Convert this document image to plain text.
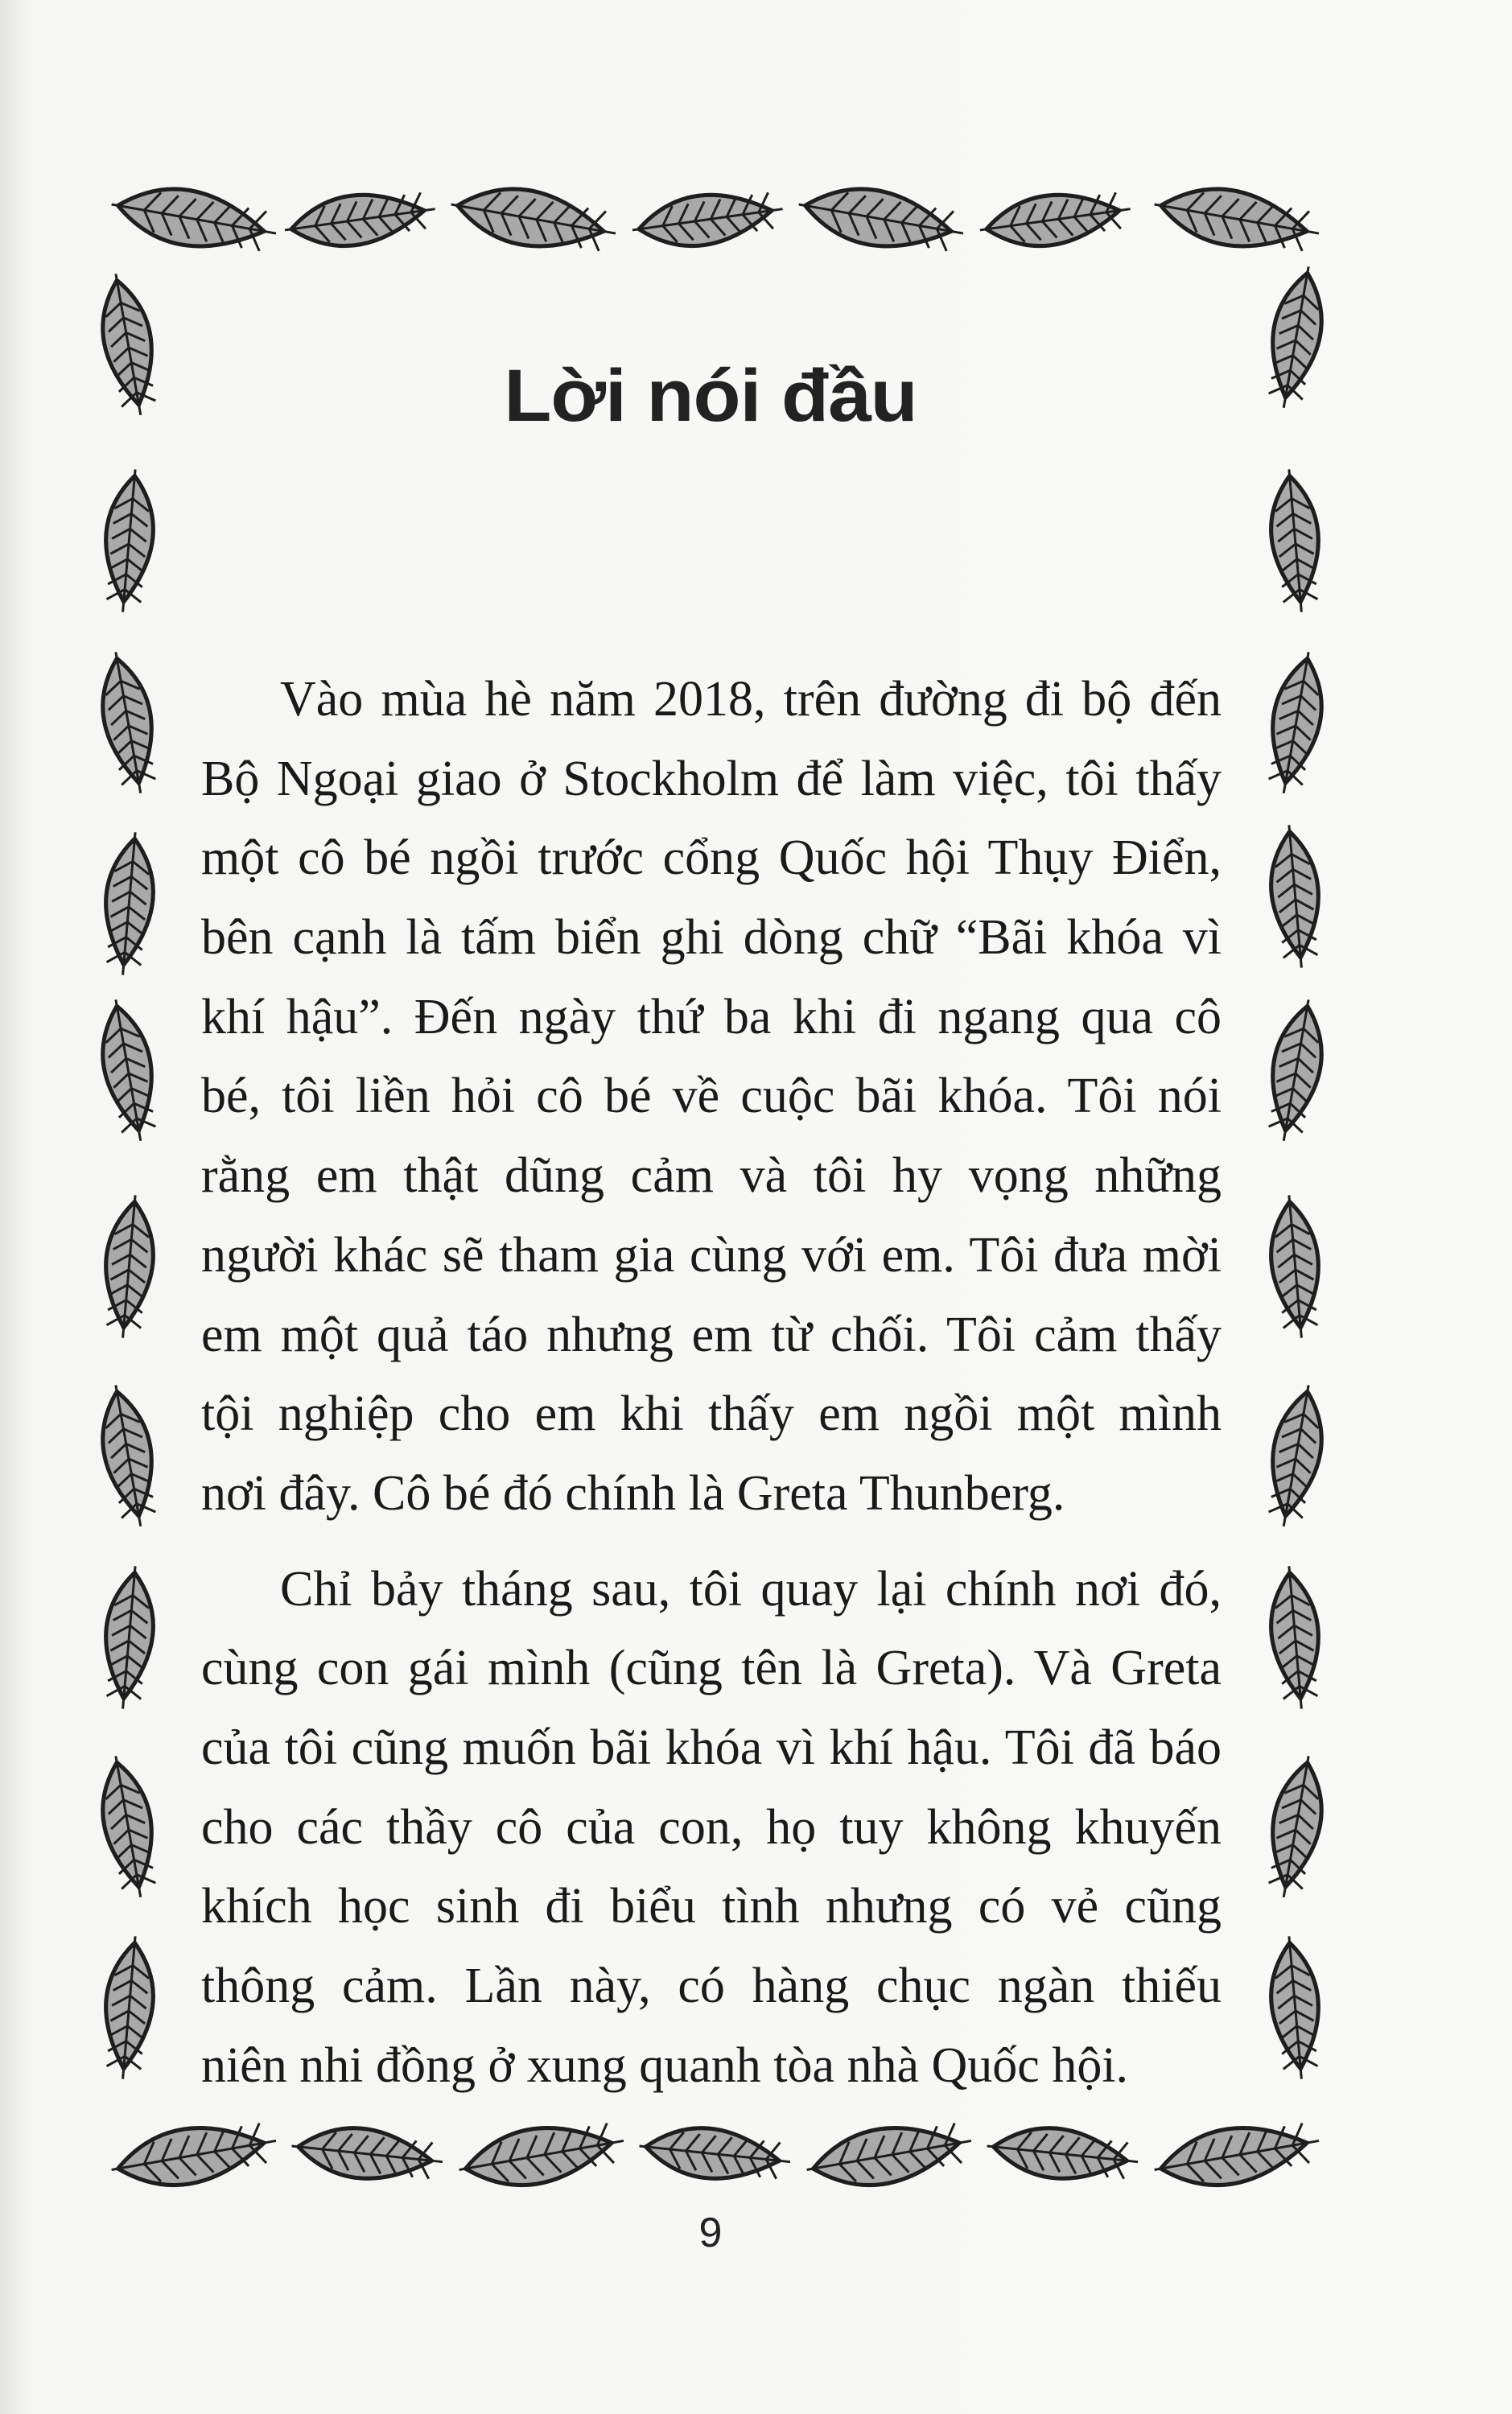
Lời nói đầu
Vào mùa hè năm 2018, trên đường đi bộ đến
Bộ Ngoại giao ở Stockholm để làm việc, tôi thấy
một cô bé ngồi trước cổng Quốc hội Thụy Điển,
bên cạnh là tấm biển ghi dòng chữ “Bãi khóa vì
khí hậu”. Đến ngày thứ ba khi đi ngang qua cô
bé, tôi liền hỏi cô bé về cuộc bãi khóa. Tôi nói
rằng em thật dũng cảm và tôi hy vọng những
người khác sẽ tham gia cùng với em. Tôi đưa mời
em một quả táo nhưng em từ chối. Tôi cảm thấy
tội nghiệp cho em khi thấy em ngồi một mình
nơi đây. Cô bé đó chính là Greta Thunberg.
Chỉ bảy tháng sau, tôi quay lại chính nơi đó,
cùng con gái mình (cũng tên là Greta). Và Greta
của tôi cũng muốn bãi khóa vì khí hậu. Tôi đã báo
cho các thầy cô của con, họ tuy không khuyến
khích học sinh đi biểu tình nhưng có vẻ cũng
thông cảm. Lần này, có hàng chục ngàn thiếu
niên nhi đồng ở xung quanh tòa nhà Quốc hội.
9
